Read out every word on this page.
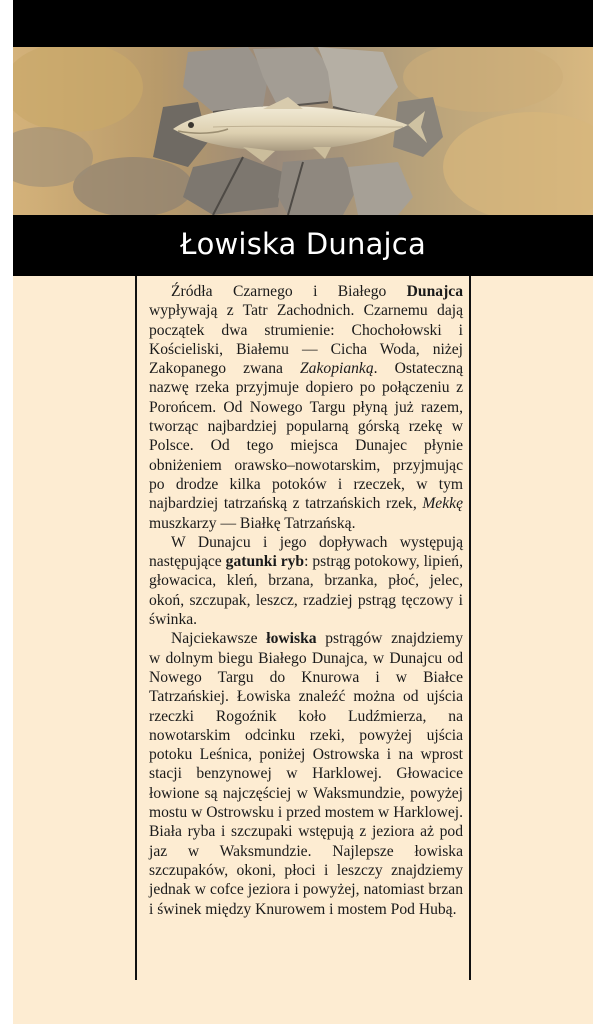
Łowiska Dunajca

Źródła Czarnego i Białego Dunajca wypływają z Tatr Zachodnich. Czarnemu dają początek dwa strumienie: Chochołowski i Kościeliski, Białemu — Cicha Woda, niżej Zakopanego zwana Zakopianką. Ostateczną nazwę rzeka przyjmuje dopiero po połączeniu z Porońcem. Od Nowego Targu płyną już razem, tworząc najbardziej popularną górską rzekę w Polsce. Od tego miejsca Dunajec płynie obniżeniem orawsko–nowotarskim, przyjmując po drodze kilka potoków i rzeczek, w tym najbardziej tatrzańską z tatrzańskich rzek, Mekkę muszkarzy — Białkę Tatrzańską.

W Dunajcu i jego dopływach występują następujące gatunki ryb: pstrąg potokowy, lipień, głowacica, kleń, brzana, brzanka, płoć, jelec, okoń, szczupak, leszcz, rzadziej pstrąg tęczowy i świnka.

Najciekawsze łowiska pstrągów znajdziemy w dolnym biegu Białego Dunajca, w Dunajcu od Nowego Targu do Knurowa i w Białce Tatrzańskiej. Łowiska znaleźć można od ujścia rzeczki Rogoźnik koło Ludźmierza, na nowotarskim odcinku rzeki, powyżej ujścia potoku Leśnica, poniżej Ostrowska i na wprost stacji benzynowej w Harklowej. Głowacice łowione są najczęściej w Waksmundzie, powyżej mostu w Ostrowsku i przed mostem w Harklowej. Biała ryba i szczupaki wstępują z jeziora aż pod jaz w Waksmundzie. Najlepsze łowiska szczupaków, okoni, płoci i leszczy znajdziemy jednak w cofce jeziora i powyżej, natomiast brzan i świnek między Knurowem i mostem Pod Hubą.
